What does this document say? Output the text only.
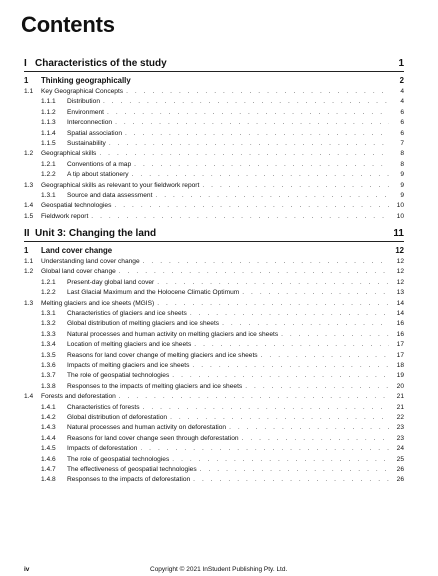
Contents
I Characteristics of the study	1
1	Thinking geographically	2
1.1	Key Geographical Concepts . . .	4
1.1.1	Distribution . . .	4
1.1.2	Environment . . .	6
1.1.3	Interconnection . . .	6
1.1.4	Spatial association . . .	6
1.1.5	Sustainability . . .	7
1.2	Geographical skills . . .	8
1.2.1	Conventions of a map . . .	8
1.2.2	A tip about stationery . . .	9
1.3	Geographical skills as relevant to your fieldwork report . . .	9
1.3.1	Source and data assessment . . .	9
1.4	Geospatial technologies . . .	10
1.5	Fieldwork report . . .	10
II Unit 3: Changing the land	11
1	Land cover change	12
1.1	Understanding land cover change . . .	12
1.2	Global land cover change . . .	12
1.2.1	Present-day global land cover . . .	12
1.2.2	Last Glacial Maximum and the Holocene Climatic Optimum . . .	13
1.3	Melting glaciers and ice sheets (MGIS) . . .	14
1.3.1	Characteristics of glaciers and ice sheets . . .	14
1.3.2	Global distribution of melting glaciers and ice sheets . . .	16
1.3.3	Natural processes and human activity on melting glaciers and ice sheets . . .	16
1.3.4	Location of melting glaciers and ice sheets . . .	17
1.3.5	Reasons for land cover change of melting glaciers and ice sheets . . .	17
1.3.6	Impacts of melting glaciers and ice sheets . . .	18
1.3.7	The role of geospatial technologies . . .	19
1.3.8	Responses to the impacts of melting glaciers and ice sheets . . .	20
1.4	Forests and deforestation . . .	21
1.4.1	Characteristics of forests . . .	21
1.4.2	Global distribution of deforestation . . .	22
1.4.3	Natural processes and human activity on deforestation . . .	23
1.4.4	Reasons for land cover change seen through deforestation . . .	23
1.4.5	Impacts of deforestation . . .	24
1.4.6	The role of geospatial technologies . . .	25
1.4.7	The effectiveness of geospatial technologies . . .	26
1.4.8	Responses to the impacts of deforestation . . .	26
iv	Copyright © 2021 InStudent Publishing Pty. Ltd.
